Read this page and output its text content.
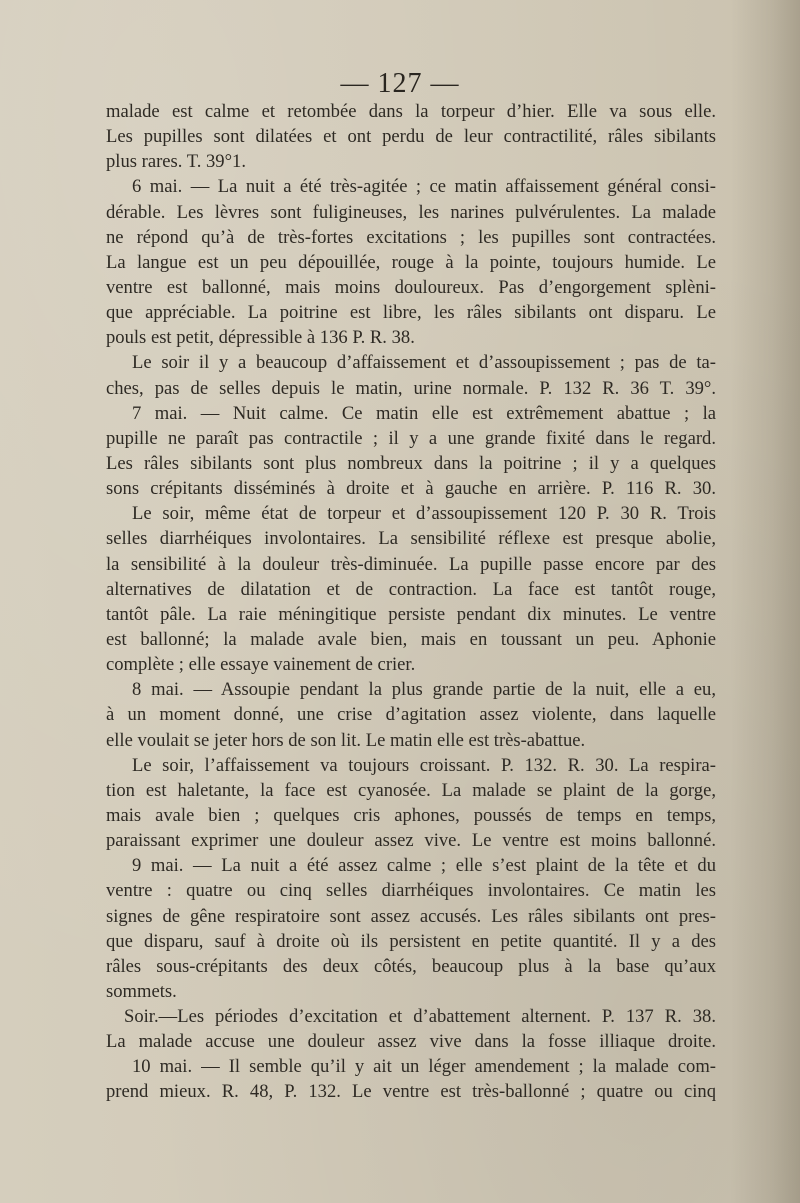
— 127 —
malade est calme et retombée dans la torpeur d’hier. Elle va sous elle.
Les pupilles sont dilatées et ont perdu de leur contractilité, râles sibilants
plus rares. T. 39°1.
6 mai. — La nuit a été très-agitée ; ce matin affaissement général consi-
dérable. Les lèvres sont fuligineuses, les narines pulvérulentes. La malade
ne répond qu’à de très-fortes excitations ; les pupilles sont contractées.
La langue est un peu dépouillée, rouge à la pointe, toujours humide. Le
ventre est ballonné, mais moins douloureux. Pas d’engorgement splèni-
que appréciable. La poitrine est libre, les râles sibilants ont disparu. Le
pouls est petit, dépressible à 136 P. R. 38.
Le soir il y a beaucoup d’affaissement et d’assoupissement ; pas de ta-
ches, pas de selles depuis le matin, urine normale. P. 132 R. 36 T. 39°.
7 mai. — Nuit calme. Ce matin elle est extrêmement abattue ; la
pupille ne paraît pas contractile ; il y a une grande fixité dans le regard.
Les râles sibilants sont plus nombreux dans la poitrine ; il y a quelques
sons crépitants disséminés à droite et à gauche en arrière. P. 116 R. 30.
Le soir, même état de torpeur et d’assoupissement 120 P. 30 R. Trois
selles diarrhéiques involontaires. La sensibilité réflexe est presque abolie,
la sensibilité à la douleur très-diminuée. La pupille passe encore par des
alternatives de dilatation et de contraction. La face est tantôt rouge,
tantôt pâle. La raie méningitique persiste pendant dix minutes. Le ventre
est ballonné; la malade avale bien, mais en toussant un peu. Aphonie
complète ; elle essaye vainement de crier.
8 mai. — Assoupie pendant la plus grande partie de la nuit, elle a eu,
à un moment donné, une crise d’agitation assez violente, dans laquelle
elle voulait se jeter hors de son lit. Le matin elle est très-abattue.
Le soir, l’affaissement va toujours croissant. P. 132. R. 30. La respira-
tion est haletante, la face est cyanosée. La malade se plaint de la gorge,
mais avale bien ; quelques cris aphones, poussés de temps en temps,
paraissant exprimer une douleur assez vive. Le ventre est moins ballonné.
9 mai. — La nuit a été assez calme ; elle s’est plaint de la tête et du
ventre : quatre ou cinq selles diarrhéiques involontaires. Ce matin les
signes de gêne respiratoire sont assez accusés. Les râles sibilants ont pres-
que disparu, sauf à droite où ils persistent en petite quantité. Il y a des
râles sous-crépitants des deux côtés, beaucoup plus à la base qu’aux
sommets.
Soir.—Les périodes d’excitation et d’abattement alternent. P. 137 R. 38.
La malade accuse une douleur assez vive dans la fosse illiaque droite.
10 mai. — Il semble qu’il y ait un léger amendement ; la malade com-
prend mieux. R. 48, P. 132. Le ventre est très-ballonné ; quatre ou cinq
